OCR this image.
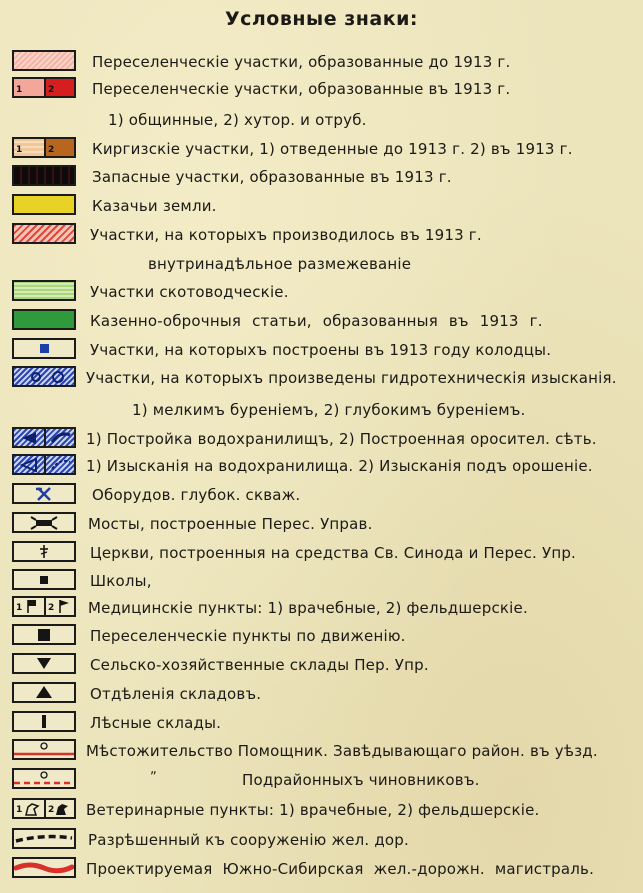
Условные знаки:
Переселенческіе участки, образованные до 1913 г.
1	2	Переселенческіе участки, образованные въ 1913 г.
1) общинные, 2) хутор. и отруб.
1	2	Киргизскіе участки, 1) отведенные до 1913 г. 2) въ 1913 г.
Запасные участки, образованные въ 1913 г.
Казачьи земли.
Участки, на которыхъ производилось въ 1913 г.
внутринадѣльное размежеваніе
Участки скотоводческіе.
Казенно-оброчныя статьи, образованныя въ 1913 г.
Участки, на которыхъ построены въ 1913 году колодцы.
Участки, на которыхъ произведены гидротехническія изысканія.
1) мелкимъ буреніемъ, 2) глубокимъ буреніемъ.
1) Постройка водохранилищъ, 2) Построенная оросител. сѣть.
1) Изысканія на водохранилища. 2) Изысканія подъ орошеніе.
Оборудов. глубок. скваж.
Мосты, построенные Перес. Управ.
Церкви, построенныя на средства Св. Синода и Перес. Упр.
Школы,
1	2 Медицинскіе пункты: 1) врачебные, 2) фельдшерскіе.
Переселенческіе пункты по движенію.
Сельско-хозяйственные склады Пер. Упр.
Отдѣленія складовъ.
Лѣсные склады.
Мѣстожительство Помощник. Завѣдывающаго район. въ уѣзд.
„
Подрайонныхъ чиновниковъ.
1	2 Ветеринарные пункты: 1) врачебные, 2) фельдшерскіе.
Разрѣшенный къ сооруженію жел. дор.
Проектируемая Южно-Сибирская жел.-дорожн. магистраль.
